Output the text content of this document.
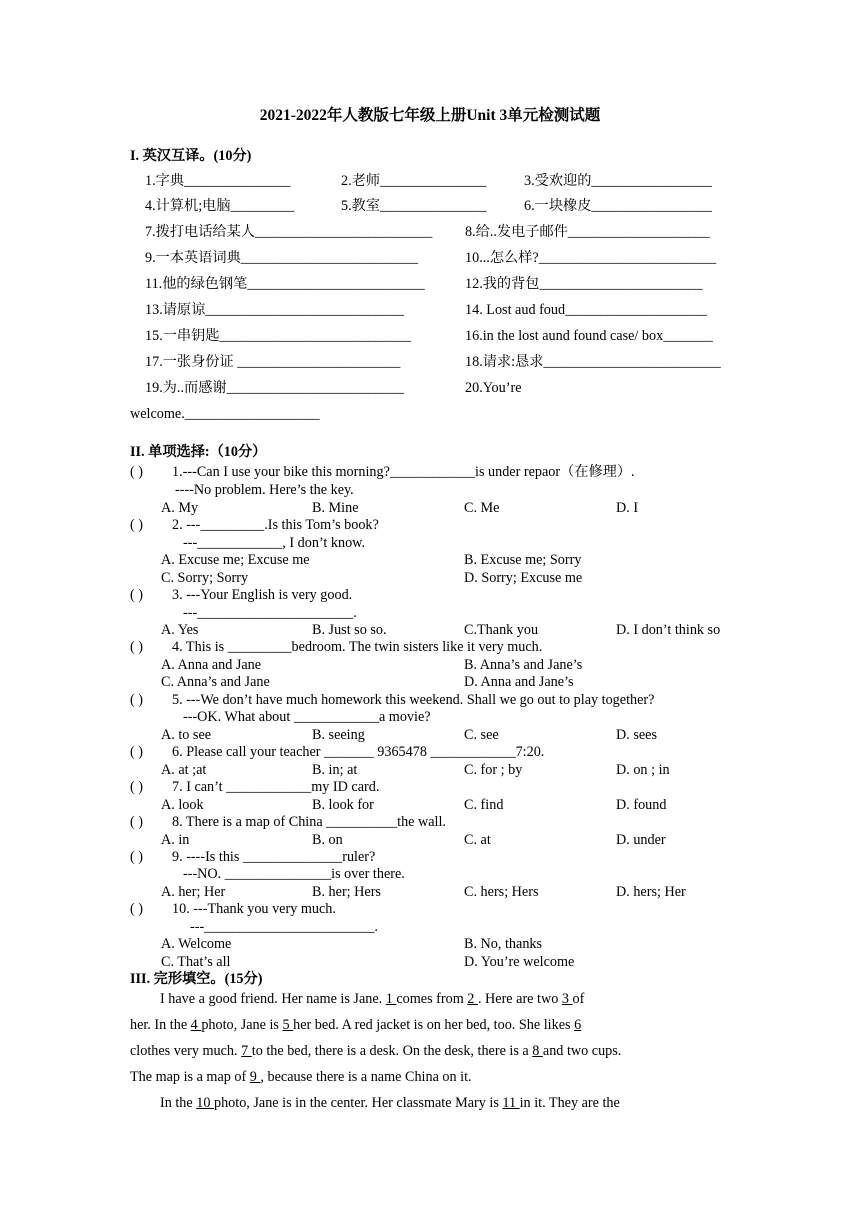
2021-2022年人教版七年级上册Unit 3单元检测试题
I. 英汉互译。(10分)
1.字典_______________	2.老师_______________	3.受欢迎的_________________
4.计算机;电脑_________	5.教室_______________	6.一块橡皮_________________
7.拨打电话给某人_________________________ 8.给..发电子邮件____________________
9.一本英语词典_________________________	10...怎么样?_________________________
11.他的绿色钢笔_________________________	12.我的背包_______________________
13.请原谅____________________________	14. Lost aud foud____________________
15.一串钥匙___________________________	16.in the lost aund found case/ box_______
17.一张身份证 _______________________	18.请求:恳求_________________________
19.为..而感谢_________________________	20.You’re
welcome.___________________
II. 单项选择:（10分）
( ) 1.---Can I use your bike this morning?____________is under repaor（在修理）.
----No problem. Here’s the key.
A. My	B. Mine	C. Me	D. I
( ) 2. ---_________.Is this Tom’s book?
---____________, I don’t know.
A. Excuse me; Excuse me	B. Excuse me; Sorry
C. Sorry; Sorry	D. Sorry; Excuse me
( ) 3. ---Your English is very good.
---______________________.
A. Yes	B. Just so so.	C.Thank you	D. I don’t think so
( ) 4. This is _________bedroom. The twin sisters like it very much.
A. Anna and Jane	B. Anna’s and Jane’s
C. Anna’s and Jane	D. Anna and Jane’s
( ) 5. ---We don’t have much homework this weekend. Shall we go out to play together?
---OK. What about ____________a movie?
A. to see	B. seeing	C. see	D. sees
( ) 6. Please call your teacher _______ 9365478 ____________7:20.
A. at ;at	B. in; at	C. for ; by	D. on ; in
( ) 7. I can’t ____________my ID card.
A. look	B. look for	C. find	D. found
( ) 8. There is a map of China __________the wall.
A. in	B. on	C. at	D. under
( ) 9. ----Is this ______________ruler?
---NO. _______________is over there.
A. her; Her	B. her; Hers	C. hers; Hers	D. hers; Her
( ) 10. ---Thank you very much.
---________________________.
A. Welcome	B. No, thanks
C. That’s all	D. You’re welcome
III. 完形填空。(15分)
I have a good friend. Her name is Jane. 1 comes from 2 . Here are two 3 of
her. In the 4 photo, Jane is 5 her bed. A red jacket is on her bed, too. She likes 6
clothes very much. 7 to the bed, there is a desk. On the desk, there is a 8 and two cups.
The map is a map of 9 , because there is a name China on it.
In the 10 photo, Jane is in the center. Her classmate Mary is 11 in it. They are the
